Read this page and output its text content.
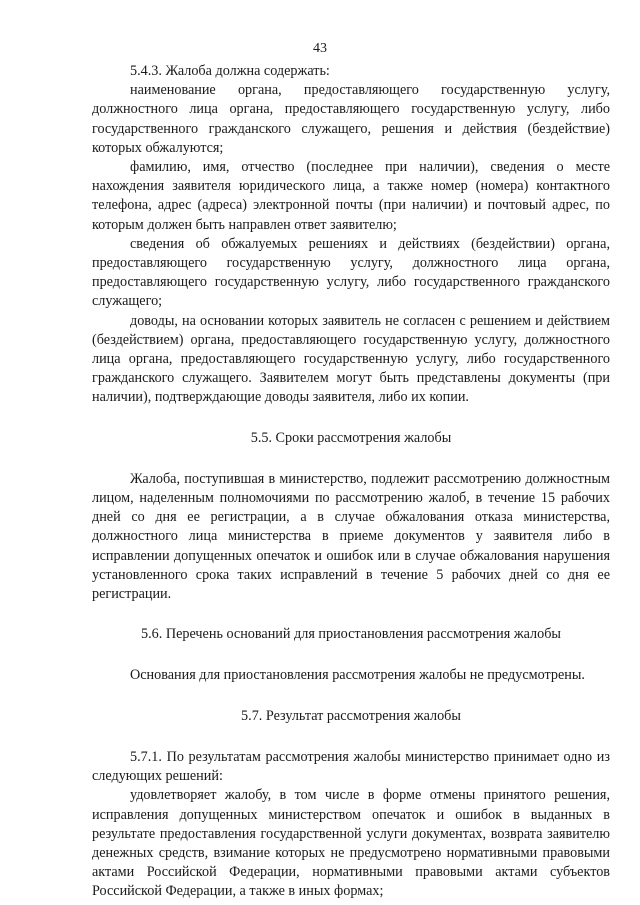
43

5.4.3. Жалоба должна содержать:

наименование органа, предоставляющего государственную услугу, должностного лица органа, предоставляющего государственную услугу, либо государственного гражданского служащего, решения и действия (бездействие) которых обжалуются;

фамилию, имя, отчество (последнее при наличии), сведения о месте нахождения заявителя юридического лица, а также номер (номера) контактного телефона, адрес (адреса) электронной почты (при наличии) и почтовый адрес, по которым должен быть направлен ответ заявителю;

сведения об обжалуемых решениях и действиях (бездействии) органа, предоставляющего государственную услугу, должностного лица органа, предоставляющего государственную услугу, либо государственного гражданского служащего;

доводы, на основании которых заявитель не согласен с решением и действием (бездействием) органа, предоставляющего государственную услугу, должностного лица органа, предоставляющего государственную услугу, либо государственного гражданского служащего. Заявителем могут быть представлены документы (при наличии), подтверждающие доводы заявителя, либо их копии.

5.5. Сроки рассмотрения жалобы

Жалоба, поступившая в министерство, подлежит рассмотрению должностным лицом, наделенным полномочиями по рассмотрению жалоб, в течение 15 рабочих дней со дня ее регистрации, а в случае обжалования отказа министерства, должностного лица министерства в приеме документов у заявителя либо в исправлении допущенных опечаток и ошибок или в случае обжалования нарушения установленного срока таких исправлений в течение 5 рабочих дней со дня ее регистрации.

5.6. Перечень оснований для приостановления рассмотрения жалобы

Основания для приостановления рассмотрения жалобы не предусмотрены.

5.7. Результат рассмотрения жалобы

5.7.1. По результатам рассмотрения жалобы министерство принимает одно из следующих решений:

удовлетворяет жалобу, в том числе в форме отмены принятого решения, исправления допущенных министерством опечаток и ошибок в выданных в результате предоставления государственной услуги документах, возврата заявителю денежных средств, взимание которых не предусмотрено нормативными правовыми актами Российской Федерации, нормативными правовыми актами субъектов Российской Федерации, а также в иных формах;
